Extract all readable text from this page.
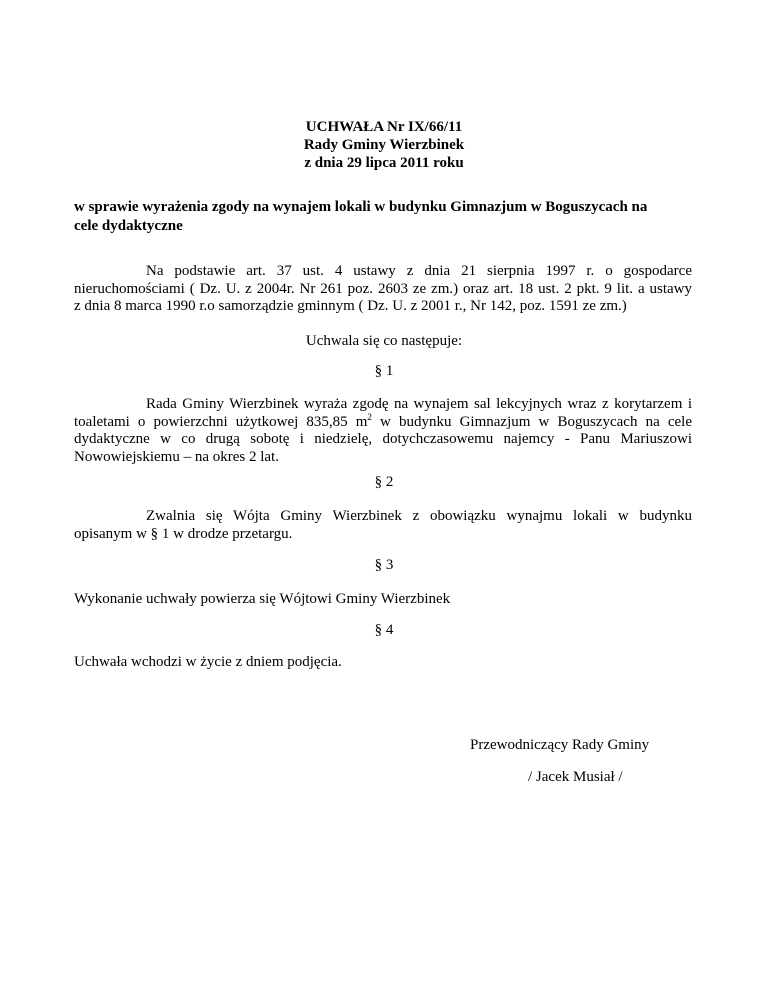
UCHWAŁA Nr IX/66/11
Rady Gminy Wierzbinek
z dnia 29 lipca 2011 roku
w sprawie wyrażenia zgody na wynajem lokali w budynku Gimnazjum w Boguszycach na
cele dydaktyczne
Na podstawie art. 37 ust. 4 ustawy z dnia 21 sierpnia 1997 r. o gospodarce
nieruchomościami ( Dz. U. z 2004r. Nr 261 poz. 2603 ze zm.) oraz art. 18 ust. 2 pkt. 9 lit. a ustawy
z dnia 8 marca 1990 r.o samorządzie gminnym ( Dz. U. z 2001 r., Nr 142, poz. 1591 ze zm.)
Uchwala się co następuje:
§ 1
Rada Gminy Wierzbinek wyraża zgodę na wynajem sal lekcyjnych wraz z korytarzem i
toaletami o powierzchni użytkowej 835,85 $m^2$ w budynku Gimnazjum w Boguszycach na cele
dydaktyczne w co drugą sobotę i niedzielę, dotychczasowemu najemcy - Panu Mariuszowi
Nowowiejskiemu – na okres 2 lat.
§ 2
Zwalnia się Wójta Gminy Wierzbinek z obowiązku wynajmu lokali w budynku
opisanym w § 1 w drodze przetargu.
§ 3
Wykonanie uchwały powierza się Wójtowi Gminy Wierzbinek
§ 4
Uchwała wchodzi w życie z dniem podjęcia.
Przewodniczący Rady Gminy
/ Jacek Musiał /
